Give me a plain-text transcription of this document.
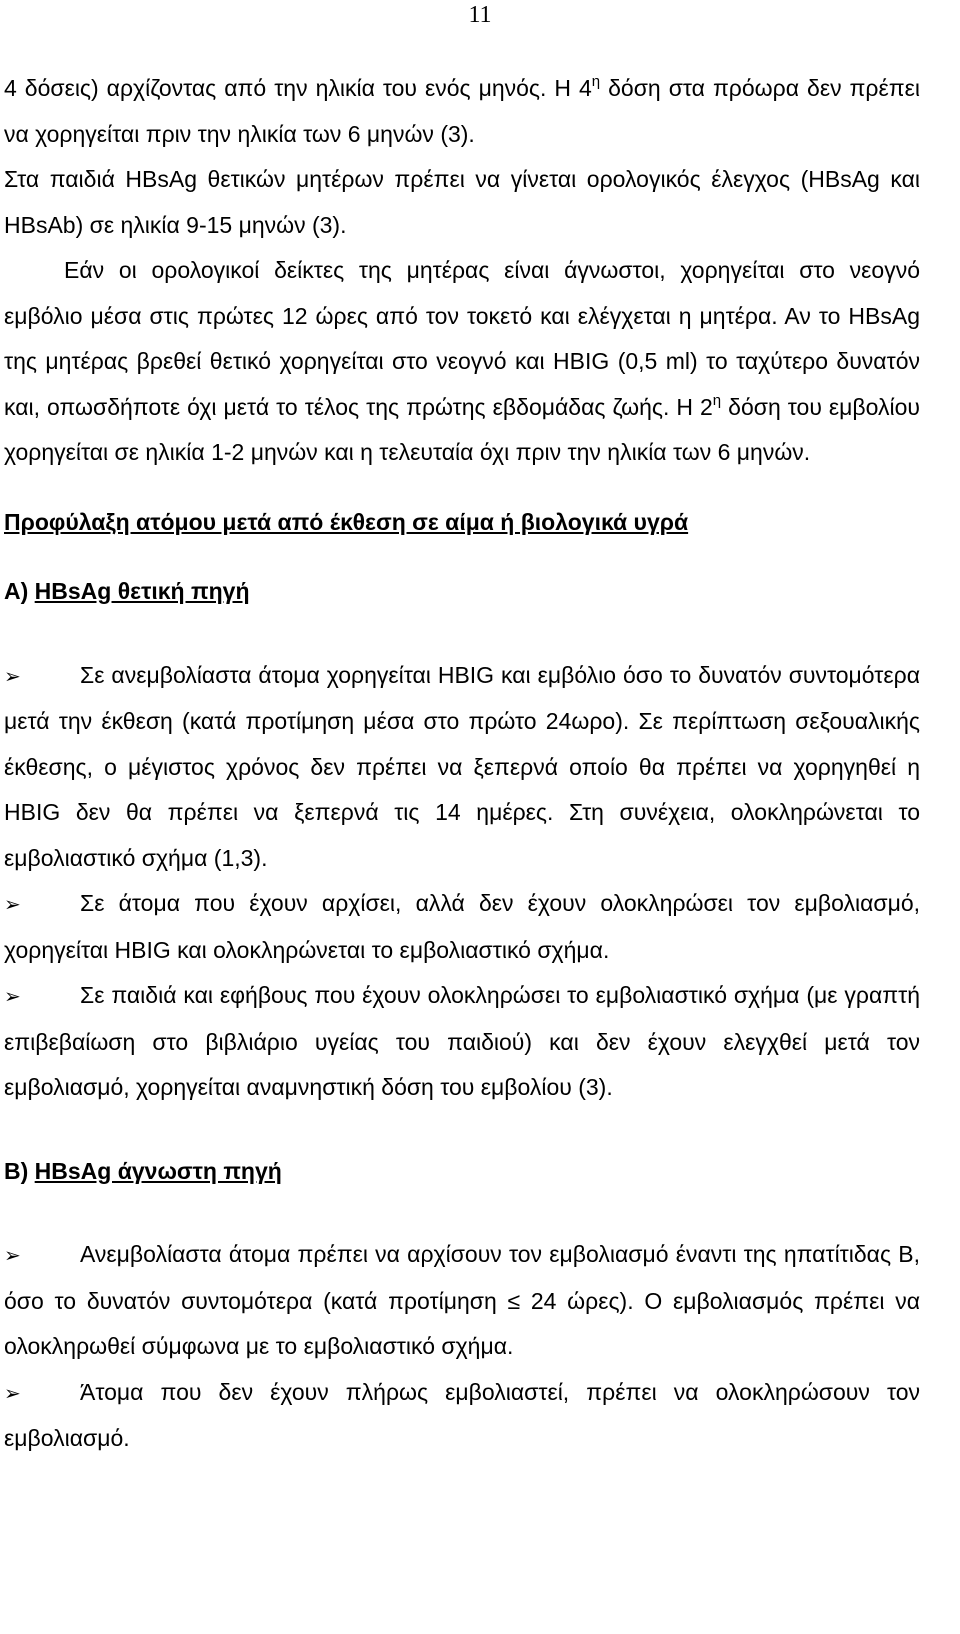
11

4 δόσεις) αρχίζοντας από την ηλικία του ενός μηνός. Η $4^\eta$ δόση στα πρόωρα δεν πρέπει να χορηγείται πριν την ηλικία των 6 μηνών (3).

Στα παιδιά HBsAg θετικών μητέρων πρέπει να γίνεται ορολογικός έλεγχος (HBsAg και HBsAb) σε ηλικία 9-15 μηνών (3).

Εάν οι ορολογικοί δείκτες της μητέρας είναι άγνωστοι, χορηγείται στο νεογνό εμβόλιο μέσα στις πρώτες 12 ώρες από τον τοκετό και ελέγχεται η μητέρα. Αν το HBsAg της μητέρας βρεθεί θετικό χορηγείται στο νεογνό και HBIG (0,5 ml) το ταχύτερο δυνατόν και, οπωσδήποτε όχι μετά το τέλος της πρώτης εβδομάδας ζωής. Η $2^\eta$ δόση του εμβολίου χορηγείται σε ηλικία 1-2 μηνών και η τελευταία όχι πριν την ηλικία των 6 μηνών.

Προφύλαξη ατόμου μετά από έκθεση σε αίμα ή βιολογικά υγρά

Α) HBsAg θετική πηγή

➢	Σε ανεμβολίαστα άτομα χορηγείται HBIG και εμβόλιο όσο το δυνατόν συντομότερα μετά την έκθεση (κατά προτίμηση μέσα στο πρώτο 24ωρο). Σε περίπτωση σεξουαλικής έκθεσης, ο μέγιστος χρόνος δεν πρέπει να ξεπερνά οποίο θα πρέπει να χορηγηθεί η HBIG δεν θα πρέπει να ξεπερνά τις 14 ημέρες. Στη συνέχεια, ολοκληρώνεται το εμβολιαστικό σχήμα (1,3).

➢	Σε άτομα που έχουν αρχίσει, αλλά δεν έχουν ολοκληρώσει τον εμβολιασμό, χορηγείται HBIG και ολοκληρώνεται το εμβολιαστικό σχήμα.

➢	Σε παιδιά και εφήβους που έχουν ολοκληρώσει το εμβολιαστικό σχήμα (με γραπτή επιβεβαίωση στο βιβλιάριο υγείας του παιδιού) και δεν έχουν ελεγχθεί μετά τον εμβολιασμό, χορηγείται αναμνηστική δόση του εμβολίου (3).

Β) HBsAg άγνωστη πηγή

➢	Ανεμβολίαστα άτομα πρέπει να αρχίσουν τον εμβολιασμό έναντι της ηπατίτιδας Β, όσο το δυνατόν συντομότερα (κατά προτίμηση ≤ 24 ώρες). Ο εμβολιασμός πρέπει να ολοκληρωθεί σύμφωνα με το εμβολιαστικό σχήμα.

➢	Άτομα που δεν έχουν πλήρως εμβολιαστεί, πρέπει να ολοκληρώσουν τον εμβολιασμό.
